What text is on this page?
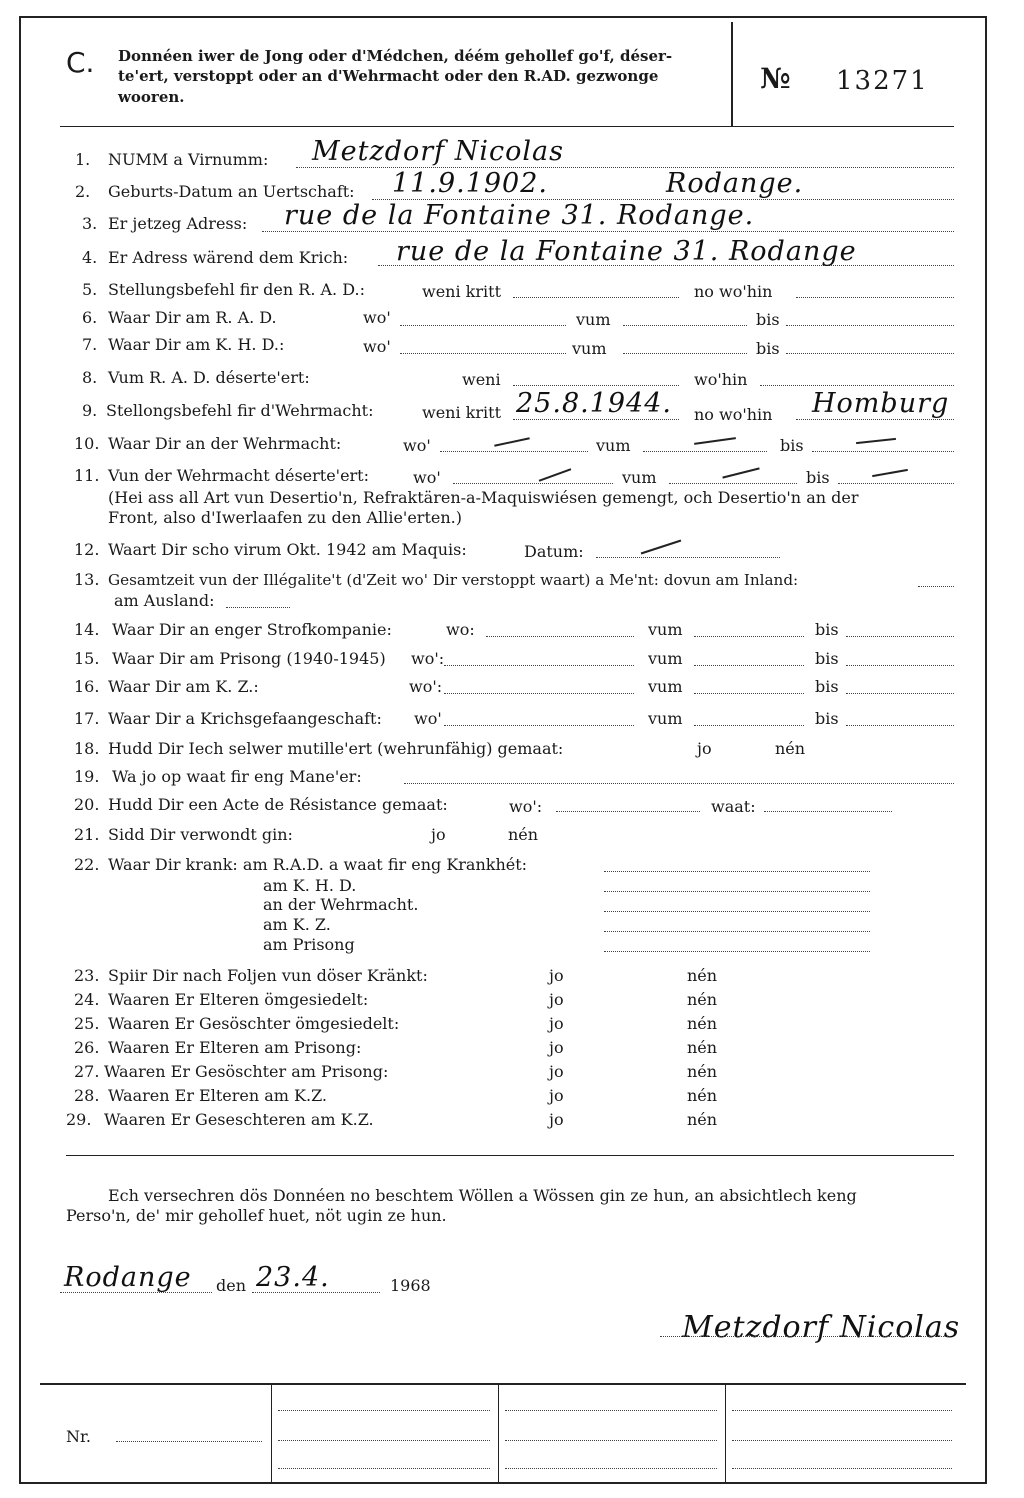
C. Donnéen iwer de Jong oder d'Médchen, déém gehollef go'f, déser-
te'ert, verstoppt oder an d'Wehrmacht oder den R.AD. gezwonge
wooren.
№ 13271
1. NUMM a Virnumm: Metzdorf Nicolas
2. Geburts-Datum an Uertschaft: 11.9.1902.	Rodange.
3. Er jetzeg Adress: rue de la Fontaine 31. Rodange.
4. Er Adress wärend dem Krich: rue de la Fontaine 31. Rodange
5. Stellungsbefehl fir den R. A. D.:	weni kritt	no wo'hin
6. Waar Dir am R. A. D.	wo'	vum	bis
7. Waar Dir am K. H. D.:	wo'	vum	bis
8. Vum R. A. D. déserte'ert:	weni	wo'hin
9. Stellongsbefehl fir d'Wehrmacht:	weni kritt 25.8.1944. no wo'hin Homburg
10. Waar Dir an der Wehrmacht:	wo'	vum	bis
11. Vun der Wehrmacht déserte'ert:	wo'	vum	bis
(Hei ass all Art vun Desertio'n, Refraktären-a-Maquiswiésen gemengt, och Desertio'n an der
Front, also d'Iwerlaafen zu den Allie'erten.)
12. Waart Dir scho virum Okt. 1942 am Maquis:	Datum:
13. Gesamtzeit vun der Illégalite't (d'Zeit wo' Dir verstoppt waart) a Me'nt: dovun am Inland:
am Ausland:
14. Waar Dir an enger Strofkompanie:	wo:	vum	bis
15. Waar Dir am Prisong (1940-1945) wo':	vum	bis
16. Waar Dir am K. Z.:	wo':	vum	bis
17. Waar Dir a Krichsgefaangeschaft: wo'	vum	bis
18. Hudd Dir Iech selwer mutille'ert (wehrunfähig) gemaat:	jo	nén
19. Wa jo op waat fir eng Mane'er:
20. Hudd Dir een Acte de Résistance gemaat:	wo':	waat:
21. Sidd Dir verwondt gin:	jo	nén
22. Waar Dir krank: am R.A.D. a waat fir eng Krankhét:
am K. H. D.
an der Wehrmacht.
am K. Z.
am Prisong
23. Spiir Dir nach Foljen vun döser Kränkt:	jo	nén
24. Waaren Er Elteren ömgesiedelt:	jo	nén
25. Waaren Er Gesöschter ömgesiedelt:	jo	nén
26. Waaren Er Elteren am Prisong:	jo	nén
27. Waaren Er Gesöschter am Prisong:	jo	nén
28. Waaren Er Elteren am K.Z.	jo	nén
29. Waaren Er Geseschteren am K.Z.	jo	nén
Ech versechren dös Donnéen no beschtem Wöllen a Wössen gin ze hun, an absichtlech keng
Perso'n, de' mir gehollef huet, nöt ugin ze hun.
Rodange den 23.4.	1968
Metzdorf Nicolas
Nr.
